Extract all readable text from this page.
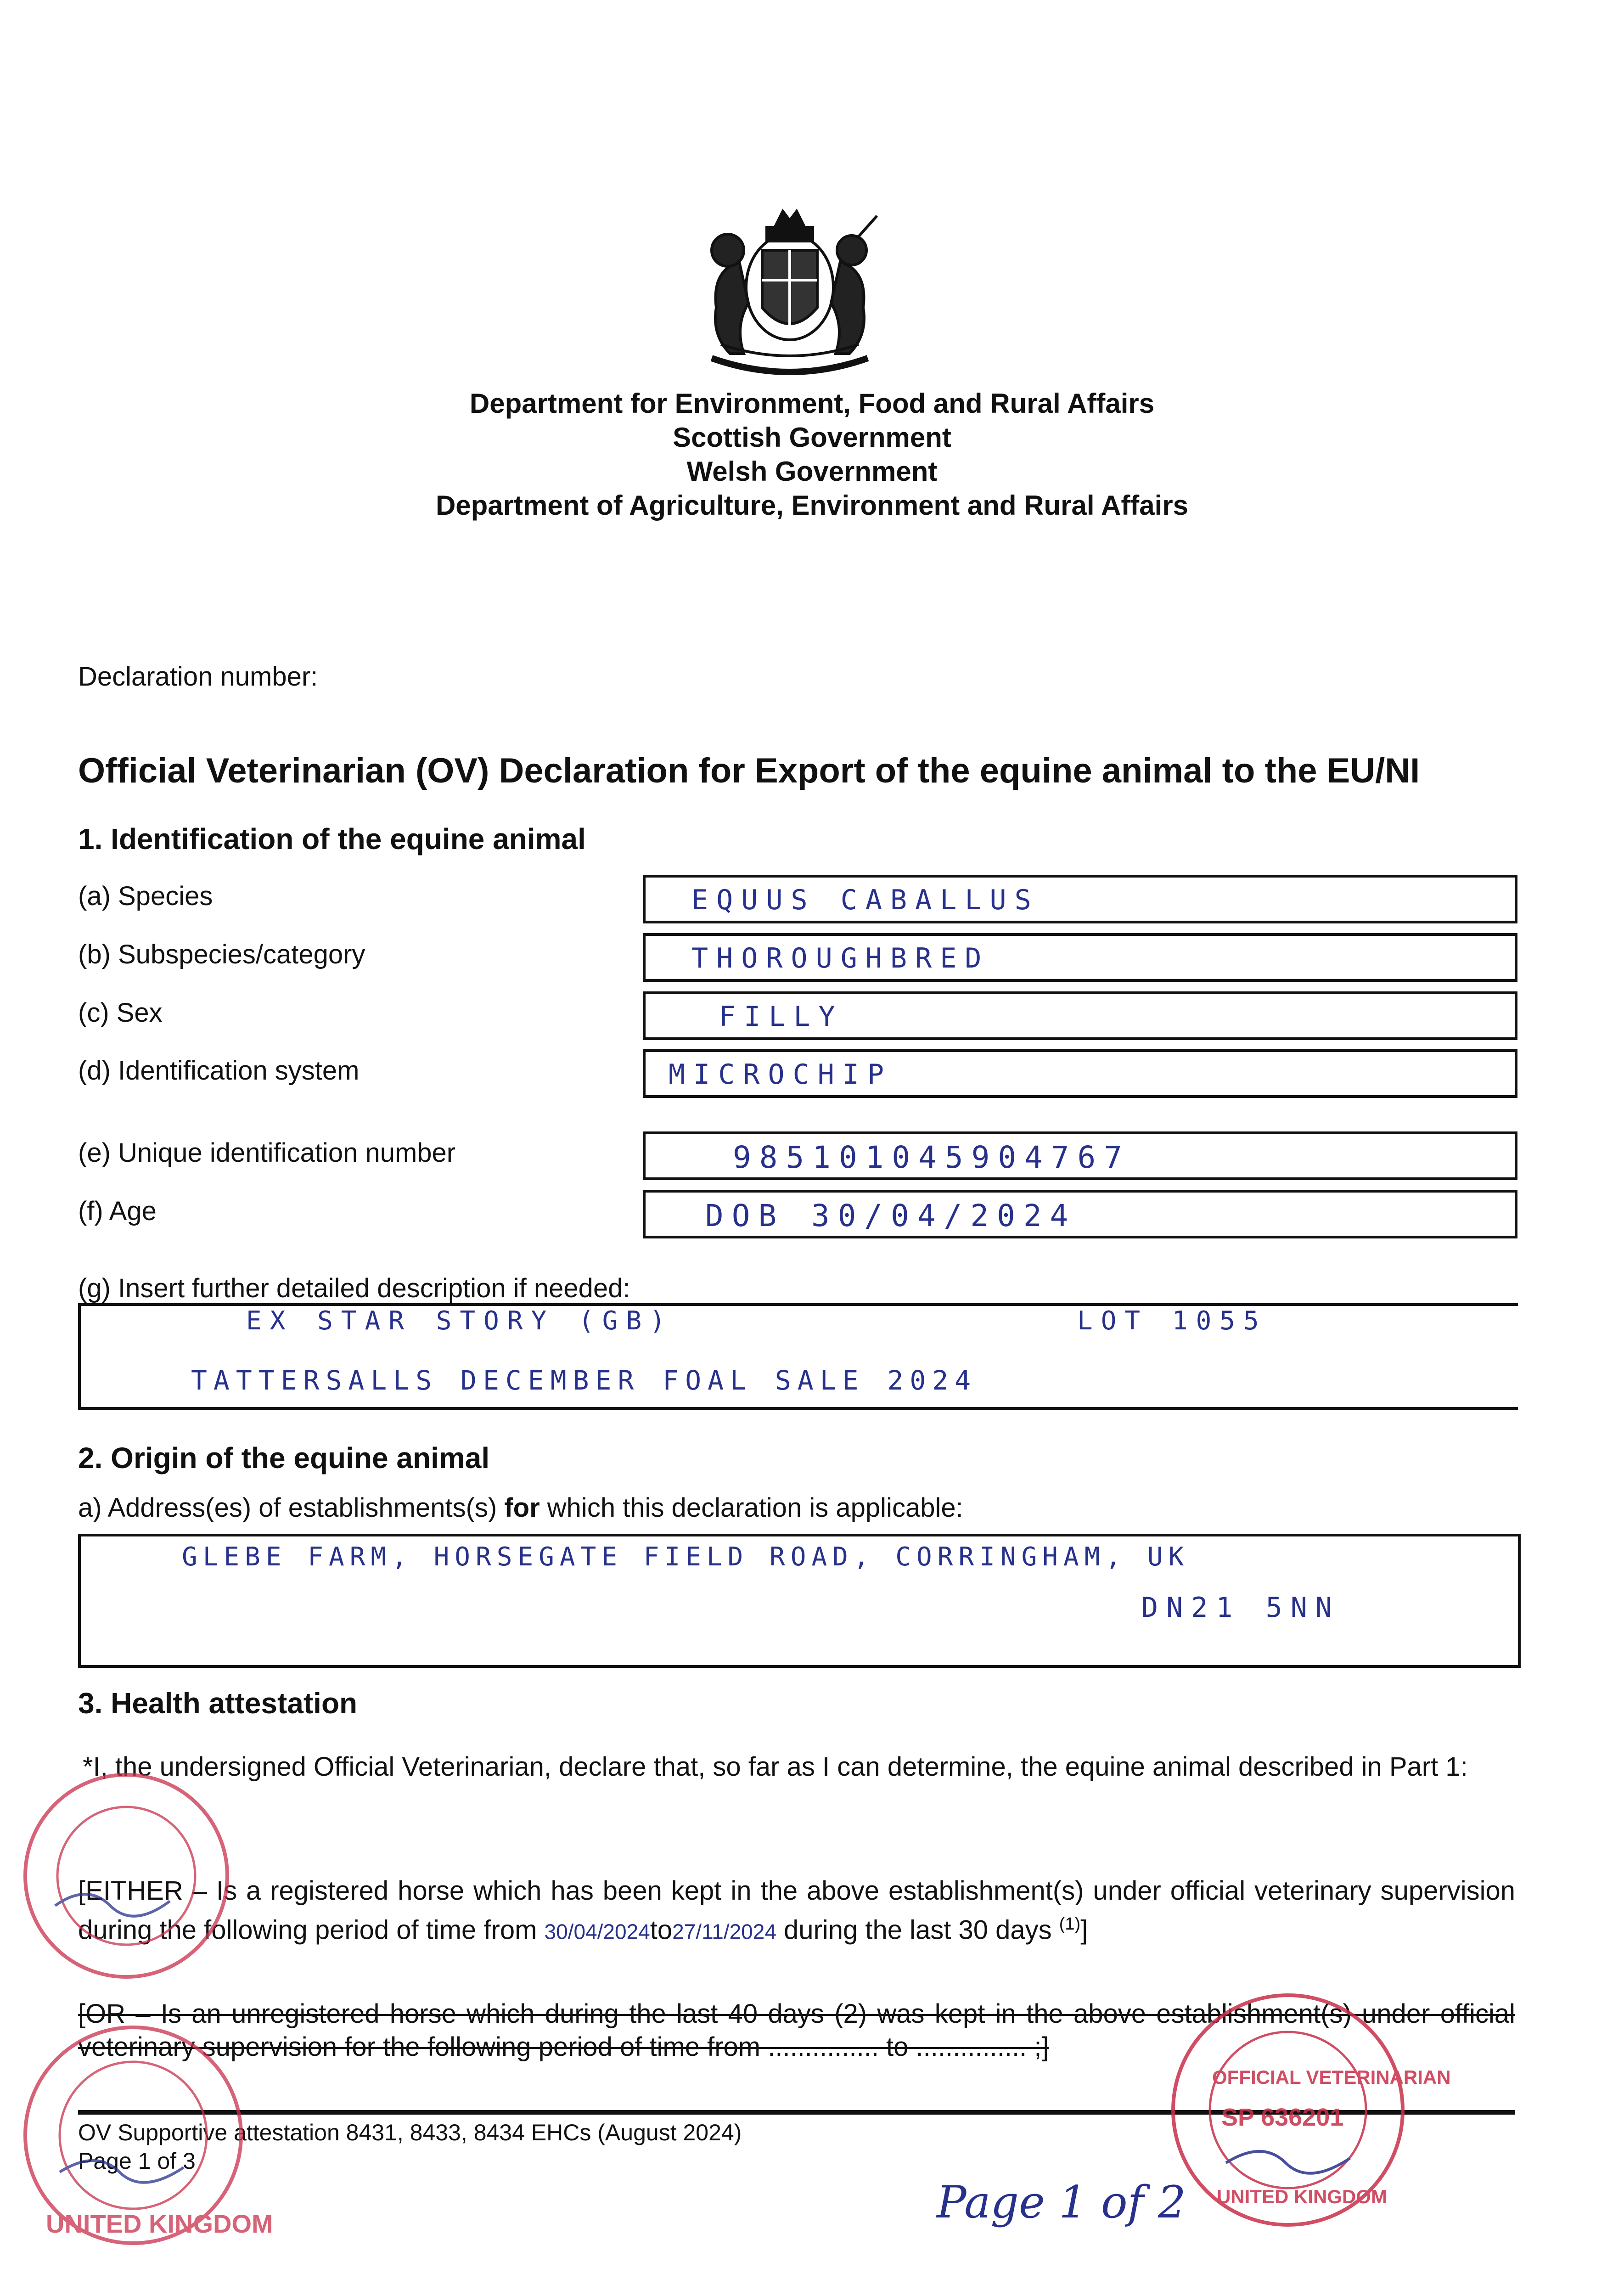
Department for Environment, Food and Rural Affairs
Scottish Government
Welsh Government
Department of Agriculture, Environment and Rural Affairs
Declaration number:
Official Veterinarian (OV) Declaration for Export of the equine animal to the EU/NI
1. Identification of the equine animal
(a) Species	EQUUS CABALLUS
(b) Subspecies/category	THOROUGHBRED
(c) Sex	FILLY
(d) Identification system	MICROCHIP
(e) Unique identification number	985101045904767
(f) Age	DOB 30/04/2024
(g) Insert further detailed description if needed:
EX STAR STORY (GB)	LOT 1055
TATTERSALLS DECEMBER FOAL SALE 2024
2. Origin of the equine animal
a) Address(es) of establishments(s) for which this declaration is applicable:
GLEBE FARM, HORSEGATE FIELD ROAD, CORRINGHAM, UK
DN21 5NN
3. Health attestation
*I, the undersigned Official Veterinarian, declare that, so far as I can determine, the equine animal described in Part 1:
[EITHER – Is a registered horse which has been kept in the above establishment(s) under official veterinary supervision during the following period of time from 30/04/2024to27/11/2024 during the last 30 days $^{(1)}$]
[OR – Is an unregistered horse which during the last 40 days (2) was kept in the above establishment(s) under official veterinary supervision for the following period of time from ............... to ............... ;]
OV Supportive attestation 8431, 8433, 8434 EHCs (August 2024)
Page 1 of 3
Page 1 of 2
UNITED KINGDOM
OFFICIAL VETERINARIAN
SP 636201
UNITED KINGDOM
